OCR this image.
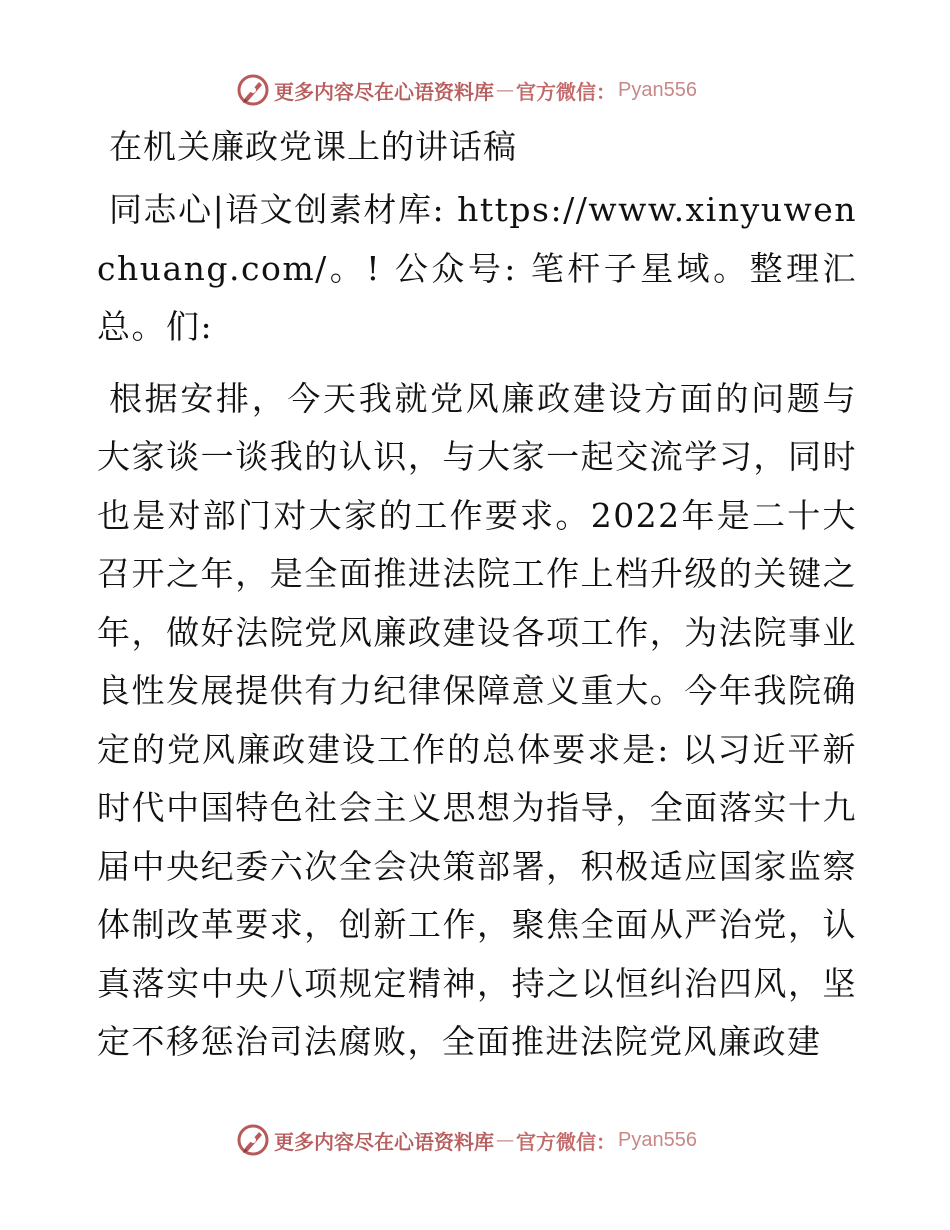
更多内容尽在心语资料库 — 官方微信： Pyan556
在机关廉政党课上的讲话稿

同志心|语文创素材库: https://www.xinyuwenchuang.com/。! 公众号: 笔杆子星域。整理汇总。们:

根据安排，今天我就党风廉政建设方面的问题与大家谈一谈我的认识，与大家一起交流学习，同时也是对部门对大家的工作要求。2022年是二十大召开之年，是全面推进法院工作上档升级的关键之年，做好法院党风廉政建设各项工作，为法院事业良性发展提供有力纪律保障意义重大。今年我院确定的党风廉政建设工作的总体要求是: 以习近平新时代中国特色社会主义思想为指导，全面落实十九届中央纪委六次全会决策部署，积极适应国家监察体制改革要求，创新工作，聚焦全面从严治党，认真落实中央八项规定精神，持之以恒纠治四风，坚定不移惩治司法腐败，全面推进法院党风廉政建

更多内容尽在心语资料库 — 官方微信： Pyan556
